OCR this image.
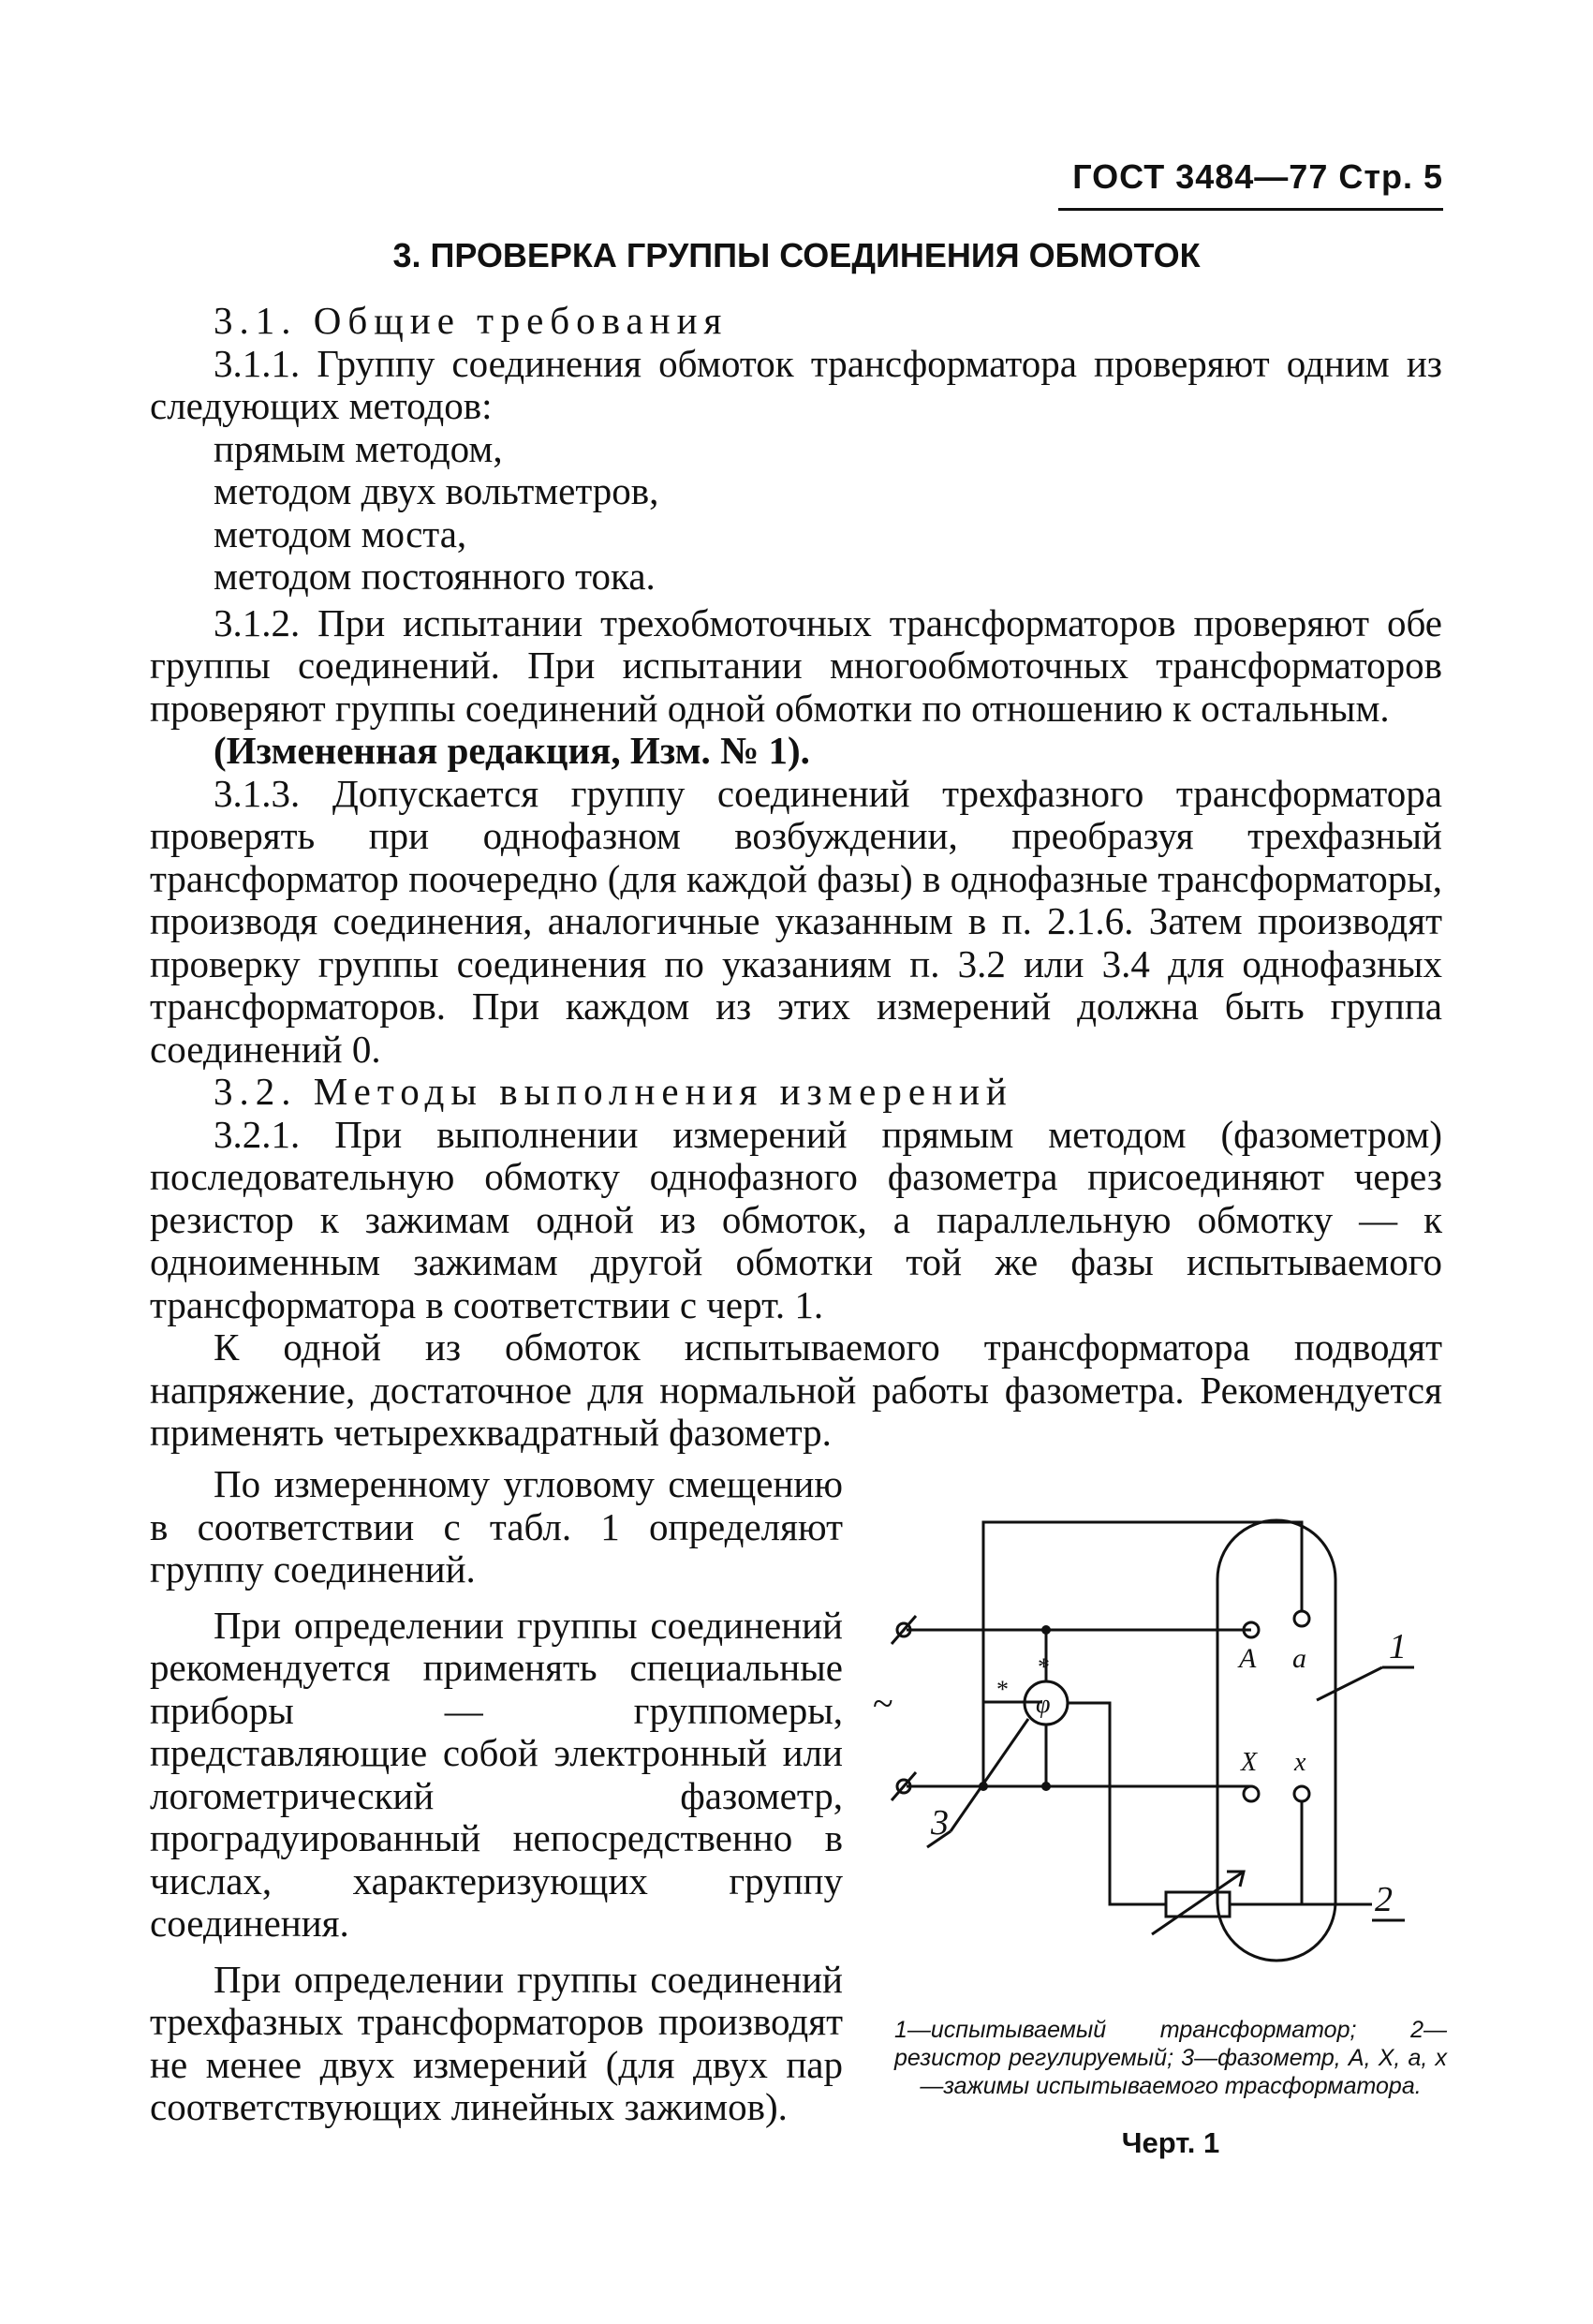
ГОСТ 3484—77 Стр. 5
3. ПРОВЕРКА ГРУППЫ СОЕДИНЕНИЯ ОБМОТОК

3.1. Общие требования

3.1.1. Группу соединения обмоток трансформатора проверяют одним из следующих методов:

прямым методом,

методом двух вольтметров,

методом моста,

методом постоянного тока.

3.1.2. При испытании трехобмоточных трансформаторов проверяют обе группы соединений. При испытании многообмоточных трансформаторов проверяют группы соединений одной обмотки по отношению к остальным.

(Измененная редакция, Изм. № 1).

3.1.3. Допускается группу соединений трехфазного трансформатора проверять при однофазном возбуждении, преобразуя трехфазный трансформатор поочередно (для каждой фазы) в однофазные трансформаторы, производя соединения, аналогичные указанным в п. 2.1.6. Затем производят проверку группы соединения по указаниям п. 3.2 или 3.4 для однофазных трансформаторов. При каждом из этих измерений должна быть группа соединений 0.

3.2. Методы выполнения измерений

3.2.1. При выполнении измерений прямым методом (фазометром) последовательную обмотку однофазного фазометра присоединяют через резистор к зажимам одной из обмоток, а параллельную обмотку — к одноименным зажимам другой обмотки той же фазы испытываемого трансформатора в соответствии с черт. 1.

К одной из обмоток испытываемого трансформатора подводят напряжение, достаточное для нормальной работы фазометра. Рекомендуется применять четырехквадратный фазометр.

По измеренному угловому смещению в соответствии с табл. 1 определяют группу соединений.

При определении группы соединений рекомендуется применять специальные приборы — группомеры, представляющие собой электронный или логометрический фазометр, проградуированный непосредственно в числах, характеризующих группу соединения.

При определении группы соединений трехфазных трансформаторов производят не менее двух измерений (для двух пар соответствующих линейных зажимов).

A a
X x
φ
*
*
~
1
2
3
1—испытываемый трансформатор; 2—резистор регулируемый; 3—фазометр, A, X, a, x—зажимы испытываемого трасформатора.
Черт. 1
